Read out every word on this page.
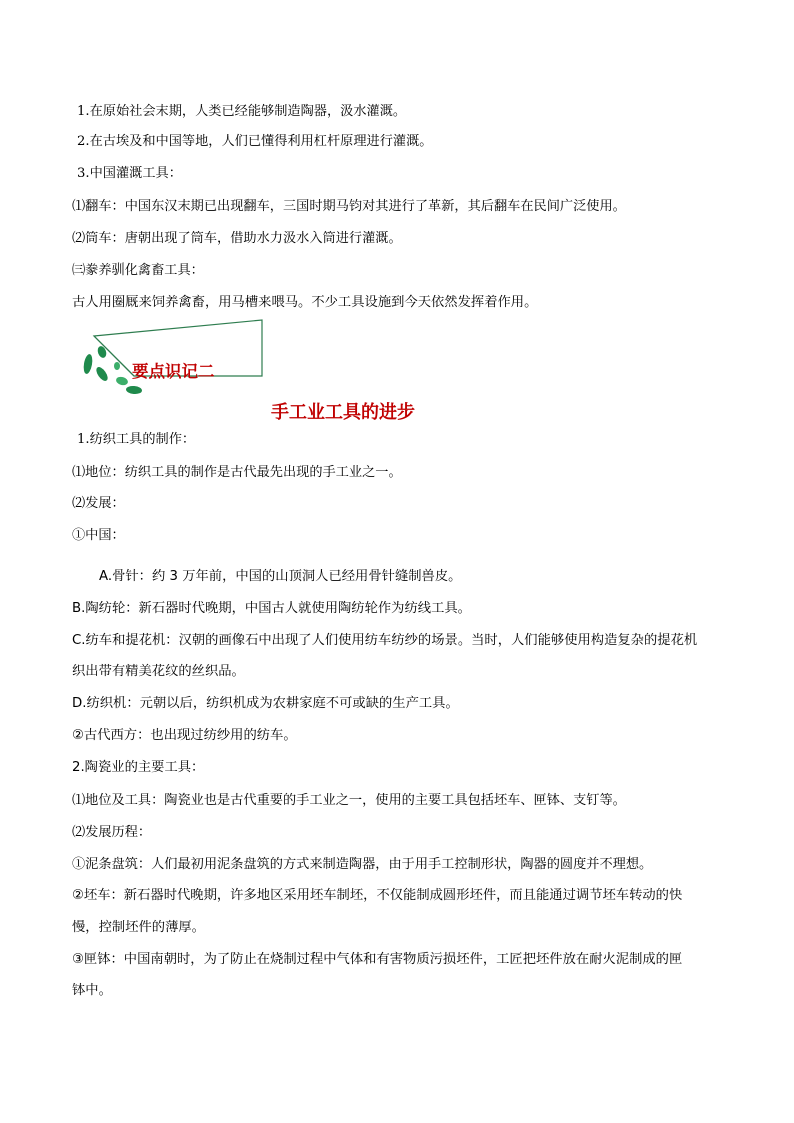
1.在原始社会末期，人类已经能够制造陶器，汲水灌溉。
2.在古埃及和中国等地，人们已懂得利用杠杆原理进行灌溉。
3.中国灌溉工具：
⑴翻车：中国东汉末期已出现翻车，三国时期马钧对其进行了革新，其后翻车在民间广泛使用。
⑵筒车：唐朝出现了筒车，借助水力汲水入筒进行灌溉。
㈢豢养驯化禽畜工具：
古人用圈厩来饲养禽畜，用马槽来喂马。不少工具设施到今天依然发挥着作用。
要点识记二
手工业工具的进步
1.纺织工具的制作：
⑴地位：纺织工具的制作是古代最先出现的手工业之一。
⑵发展：
①中国：
A.骨针：约 3 万年前，中国的山顶洞人已经用骨针缝制兽皮。
B.陶纺轮：新石器时代晚期，中国古人就使用陶纺轮作为纺线工具。
C.纺车和提花机：汉朝的画像石中出现了人们使用纺车纺纱的场景。当时，人们能够使用构造复杂的提花机
织出带有精美花纹的丝织品。
D.纺织机：元朝以后，纺织机成为农耕家庭不可或缺的生产工具。
②古代西方：也出现过纺纱用的纺车。
2.陶瓷业的主要工具：
⑴地位及工具：陶瓷业也是古代重要的手工业之一，使用的主要工具包括坯车、匣钵、支钉等。
⑵发展历程：
①泥条盘筑：人们最初用泥条盘筑的方式来制造陶器，由于用手工控制形状，陶器的圆度并不理想。
②坯车：新石器时代晚期，许多地区采用坯车制坯，不仅能制成圆形坯件，而且能通过调节坯车转动的快
慢，控制坯件的薄厚。
③匣钵：中国南朝时，为了防止在烧制过程中气体和有害物质污损坯件，工匠把坯件放在耐火泥制成的匣
钵中。
